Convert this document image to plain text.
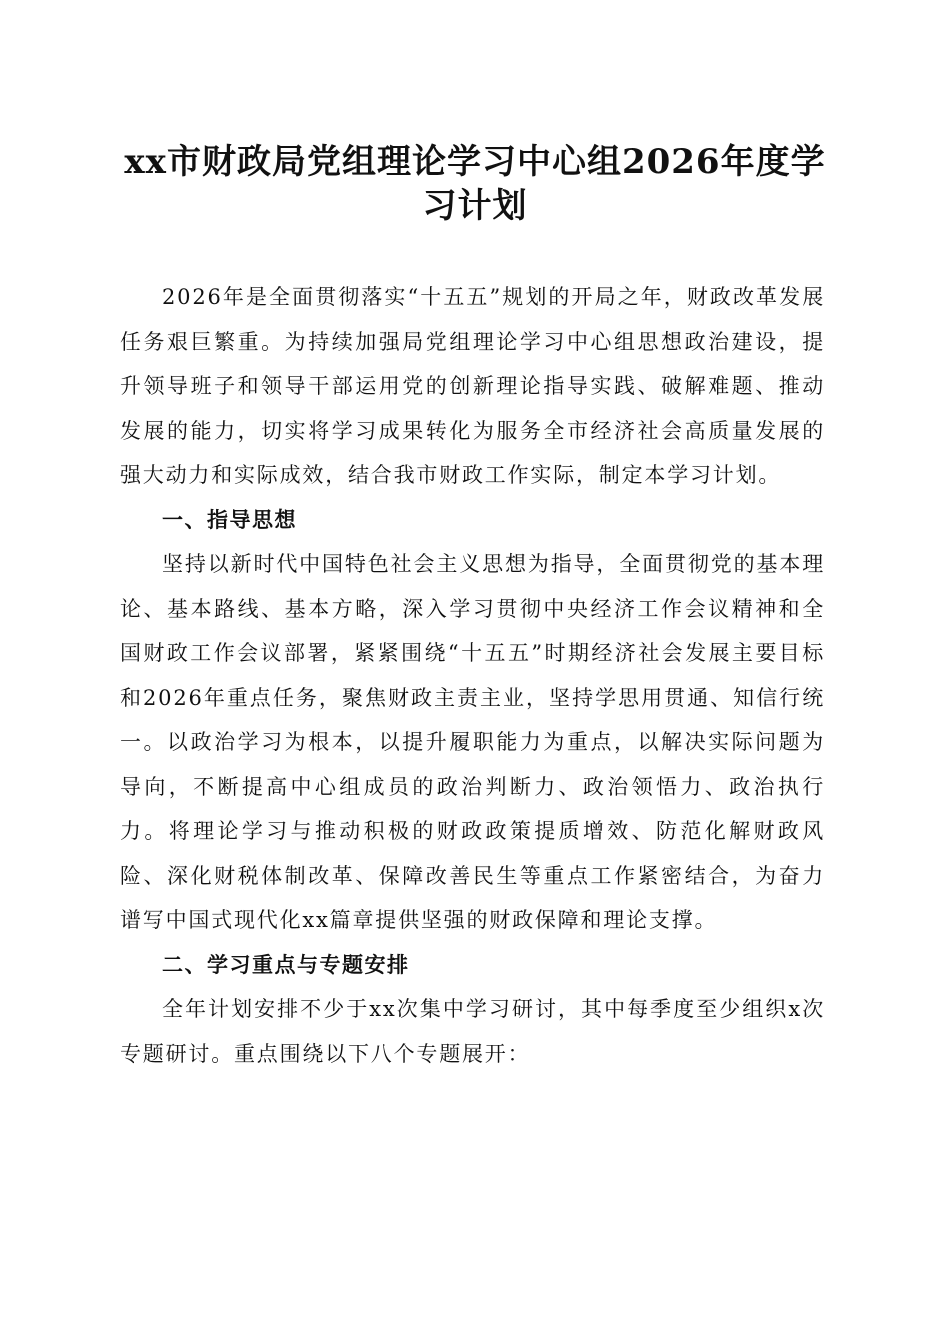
xx市财政局党组理论学习中心组2026年度学习计划

2026年是全面贯彻落实“十五五”规划的开局之年，财政改革发展任务艰巨繁重。为持续加强局党组理论学习中心组思想政治建设，提升领导班子和领导干部运用党的创新理论指导实践、破解难题、推动发展的能力，切实将学习成果转化为服务全市经济社会高质量发展的强大动力和实际成效，结合我市财政工作实际，制定本学习计划。

一、指导思想

坚持以新时代中国特色社会主义思想为指导，全面贯彻党的基本理论、基本路线、基本方略，深入学习贯彻中央经济工作会议精神和全国财政工作会议部署，紧紧围绕“十五五”时期经济社会发展主要目标和2026年重点任务，聚焦财政主责主业，坚持学思用贯通、知信行统一。以政治学习为根本，以提升履职能力为重点，以解决实际问题为导向，不断提高中心组成员的政治判断力、政治领悟力、政治执行力。将理论学习与推动积极的财政政策提质增效、防范化解财政风险、深化财税体制改革、保障改善民生等重点工作紧密结合，为奋力谱写中国式现代化xx篇章提供坚强的财政保障和理论支撑。

二、学习重点与专题安排

全年计划安排不少于xx次集中学习研讨，其中每季度至少组织x次专题研讨。重点围绕以下八个专题展开：
